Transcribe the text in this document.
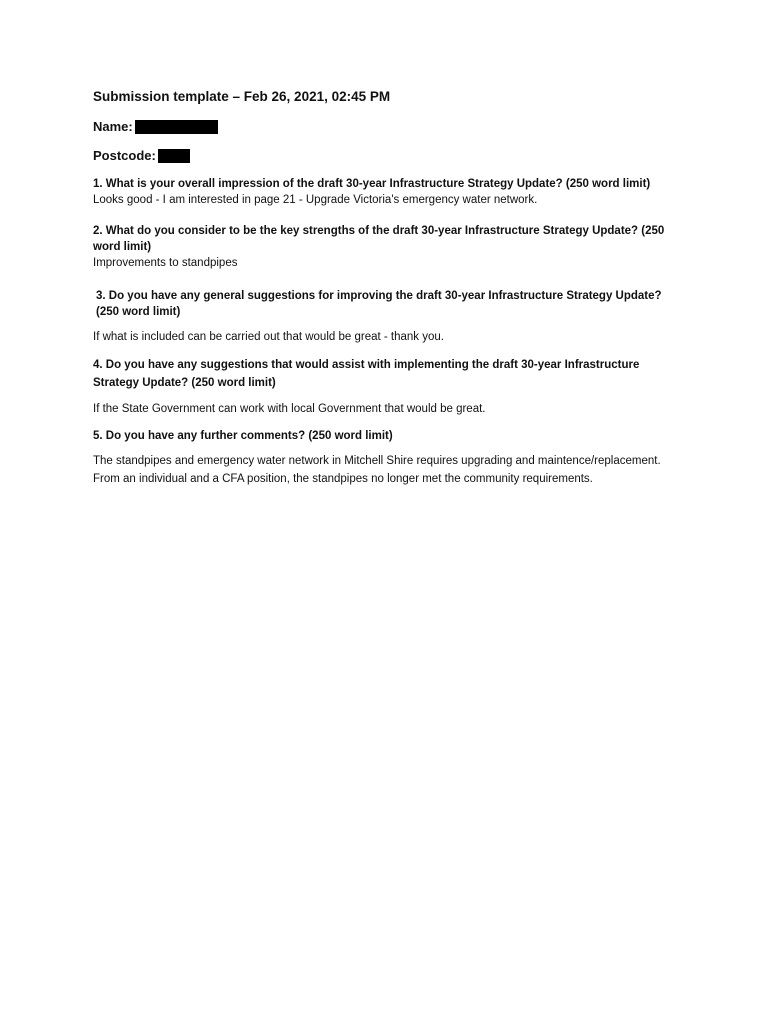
Submission template – Feb 26, 2021, 02:45 PM
Name:
Postcode:

1. What is your overall impression of the draft 30-year Infrastructure Strategy Update? (250 word limit)

Looks good - I am interested in page 21 - Upgrade Victoria's emergency water network.

2. What do you consider to be the key strengths of the draft 30-year Infrastructure Strategy Update? (250 word limit)

Improvements to standpipes

3. Do you have any general suggestions for improving the draft 30-year Infrastructure Strategy Update? (250 word limit)

If what is included can be carried out that would be great - thank you.

4. Do you have any suggestions that would assist with implementing the draft 30-year Infrastructure Strategy Update? (250 word limit)

If the State Government can work with local Government that would be great.

5. Do you have any further comments? (250 word limit)

The standpipes and emergency water network in Mitchell Shire requires upgrading and maintence/replacement. From an individual and a CFA position, the standpipes no longer met the community requirements.
